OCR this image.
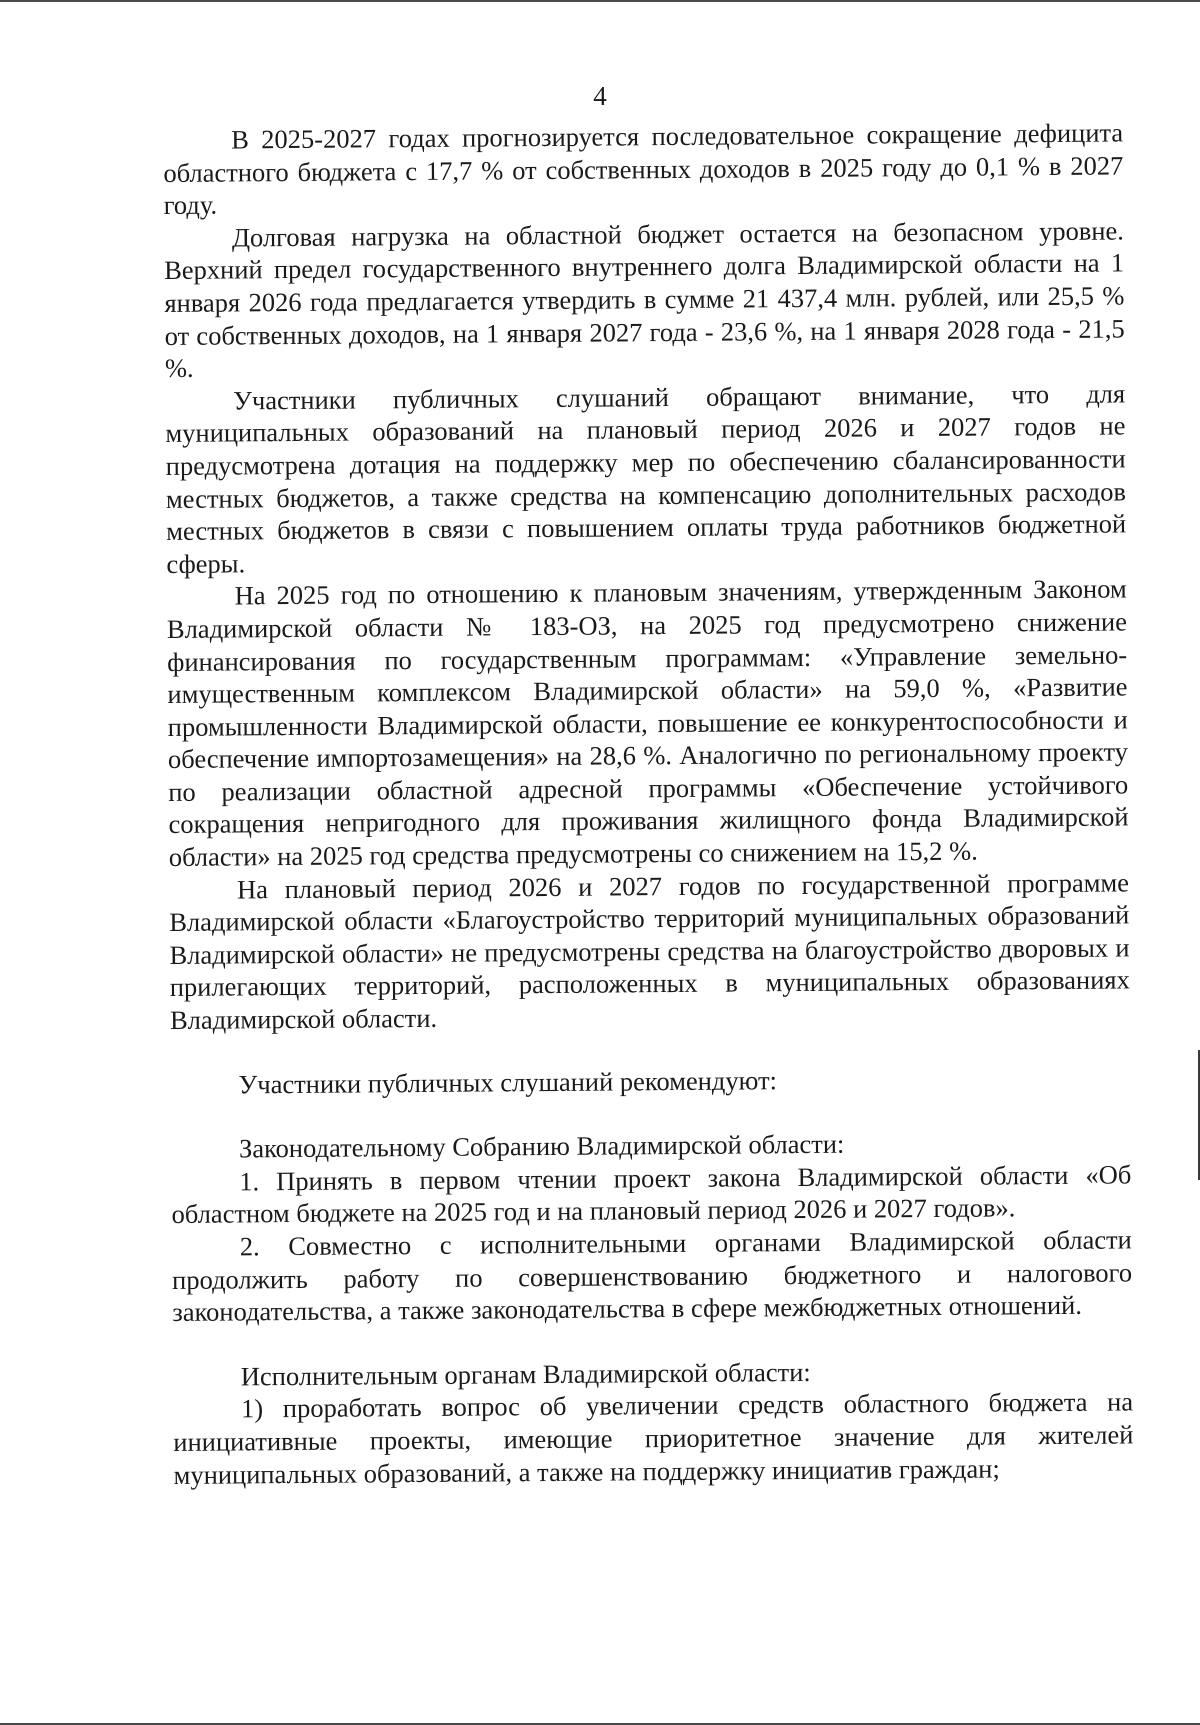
4

В 2025-2027 годах прогнозируется последовательное сокращение дефицита областного бюджета с 17,7 % от собственных доходов в 2025 году до 0,1 % в 2027 году.

Долговая нагрузка на областной бюджет остается на безопасном уровне. Верхний предел государственного внутреннего долга Владимирской области на 1 января 2026 года предлагается утвердить в сумме 21 437,4 млн. рублей, или 25,5 % от собственных доходов, на 1 января 2027 года - 23,6 %, на 1 января 2028 года - 21,5 %.

Участники публичных слушаний обращают внимание, что для муниципальных образований на плановый период 2026 и 2027 годов не предусмотрена дотация на поддержку мер по обеспечению сбалансированности местных бюджетов, а также средства на компенсацию дополнительных расходов местных бюджетов в связи с повышением оплаты труда работников бюджетной сферы.

На 2025 год по отношению к плановым значениям, утвержденным Законом Владимирской области № 183-ОЗ, на 2025 год предусмотрено снижение финансирования по государственным программам: «Управление земельно-имущественным комплексом Владимирской области» на 59,0 %, «Развитие промышленности Владимирской области, повышение ее конкурентоспособности и обеспечение импортозамещения» на 28,6 %. Аналогично по региональному проекту по реализации областной адресной программы «Обеспечение устойчивого сокращения непригодного для проживания жилищного фонда Владимирской области» на 2025 год средства предусмотрены со снижением на 15,2 %.

На плановый период 2026 и 2027 годов по государственной программе Владимирской области «Благоустройство территорий муниципальных образований Владимирской области» не предусмотрены средства на благоустройство дворовых и прилегающих территорий, расположенных в муниципальных образованиях Владимирской области.

Участники публичных слушаний рекомендуют:

Законодательному Собранию Владимирской области:

1. Принять в первом чтении проект закона Владимирской области «Об областном бюджете на 2025 год и на плановый период 2026 и 2027 годов».

2. Совместно с исполнительными органами Владимирской области продолжить работу по совершенствованию бюджетного и налогового законодательства, а также законодательства в сфере межбюджетных отношений.

Исполнительным органам Владимирской области:

1) проработать вопрос об увеличении средств областного бюджета на инициативные проекты, имеющие приоритетное значение для жителей муниципальных образований, а также на поддержку инициатив граждан;
